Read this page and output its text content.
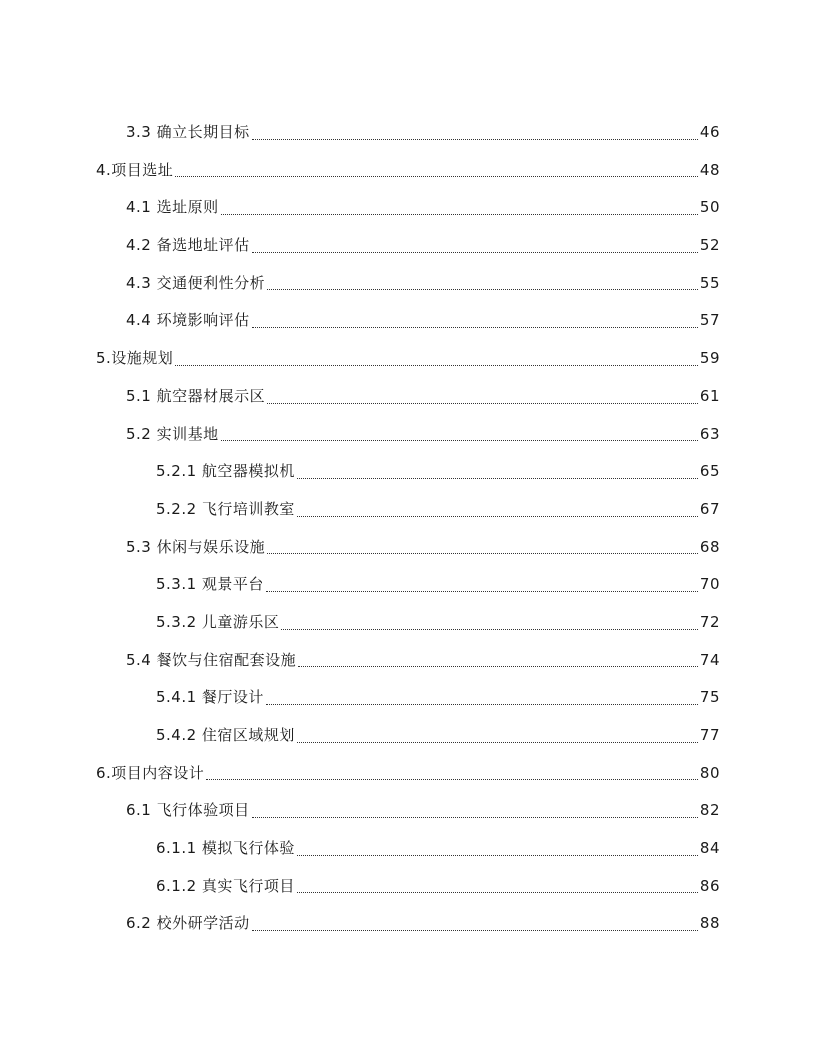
3.3 确立长期目标	46
4.项目选址	48
4.1 选址原则	50
4.2 备选地址评估	52
4.3 交通便利性分析	55
4.4 环境影响评估	57
5.设施规划	59
5.1 航空器材展示区	61
5.2 实训基地	63
5.2.1 航空器模拟机	65
5.2.2 飞行培训教室	67
5.3 休闲与娱乐设施	68
5.3.1 观景平台	70
5.3.2 儿童游乐区	72
5.4 餐饮与住宿配套设施	74
5.4.1 餐厅设计	75
5.4.2 住宿区域规划	77
6.项目内容设计	80
6.1 飞行体验项目	82
6.1.1 模拟飞行体验	84
6.1.2 真实飞行项目	86
6.2 校外研学活动	88
